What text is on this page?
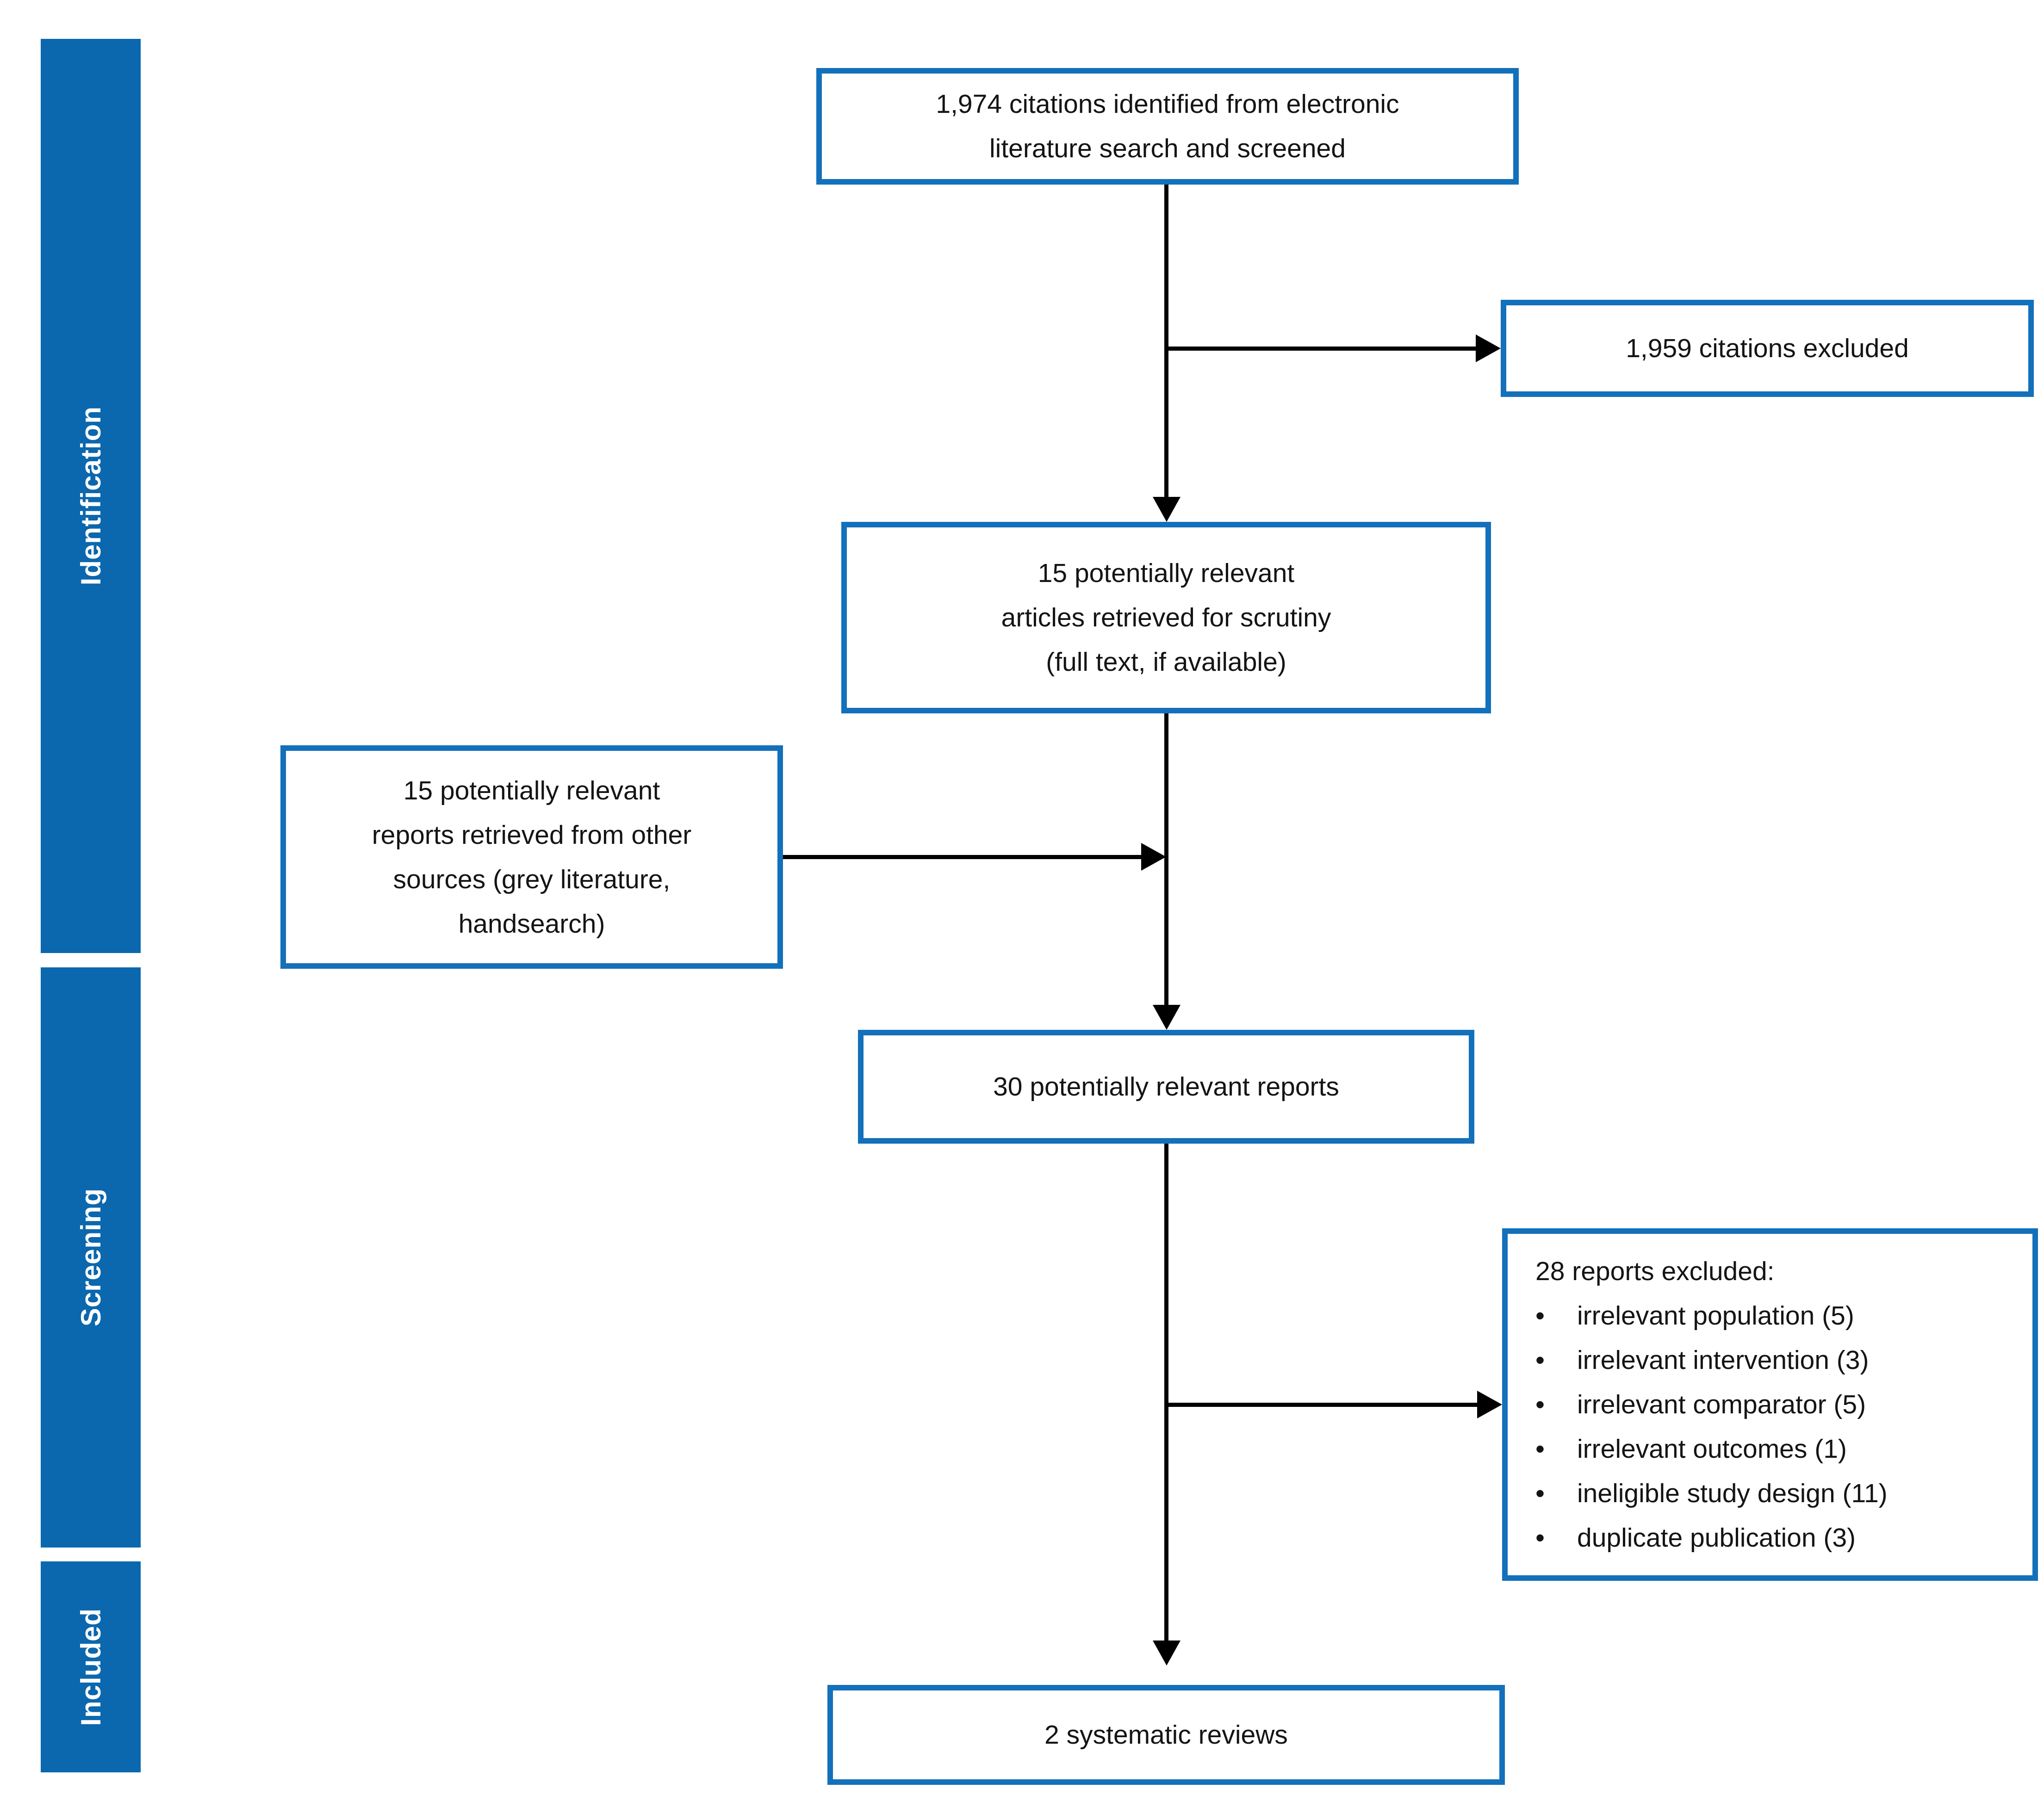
Identification
Screening
Included
1,974 citations identified from electronic
literature search and screened
1,959 citations excluded
15 potentially relevant
articles retrieved for scrutiny
(full text, if available)
15 potentially relevant
reports retrieved from other
sources (grey literature,
handsearch)
30 potentially relevant reports
28 reports excluded:
•	irrelevant population (5)
•	irrelevant intervention (3)
•	irrelevant comparator (5)
•	irrelevant outcomes (1)
•	ineligible study design (11)
•	duplicate publication (3)
2 systematic reviews
